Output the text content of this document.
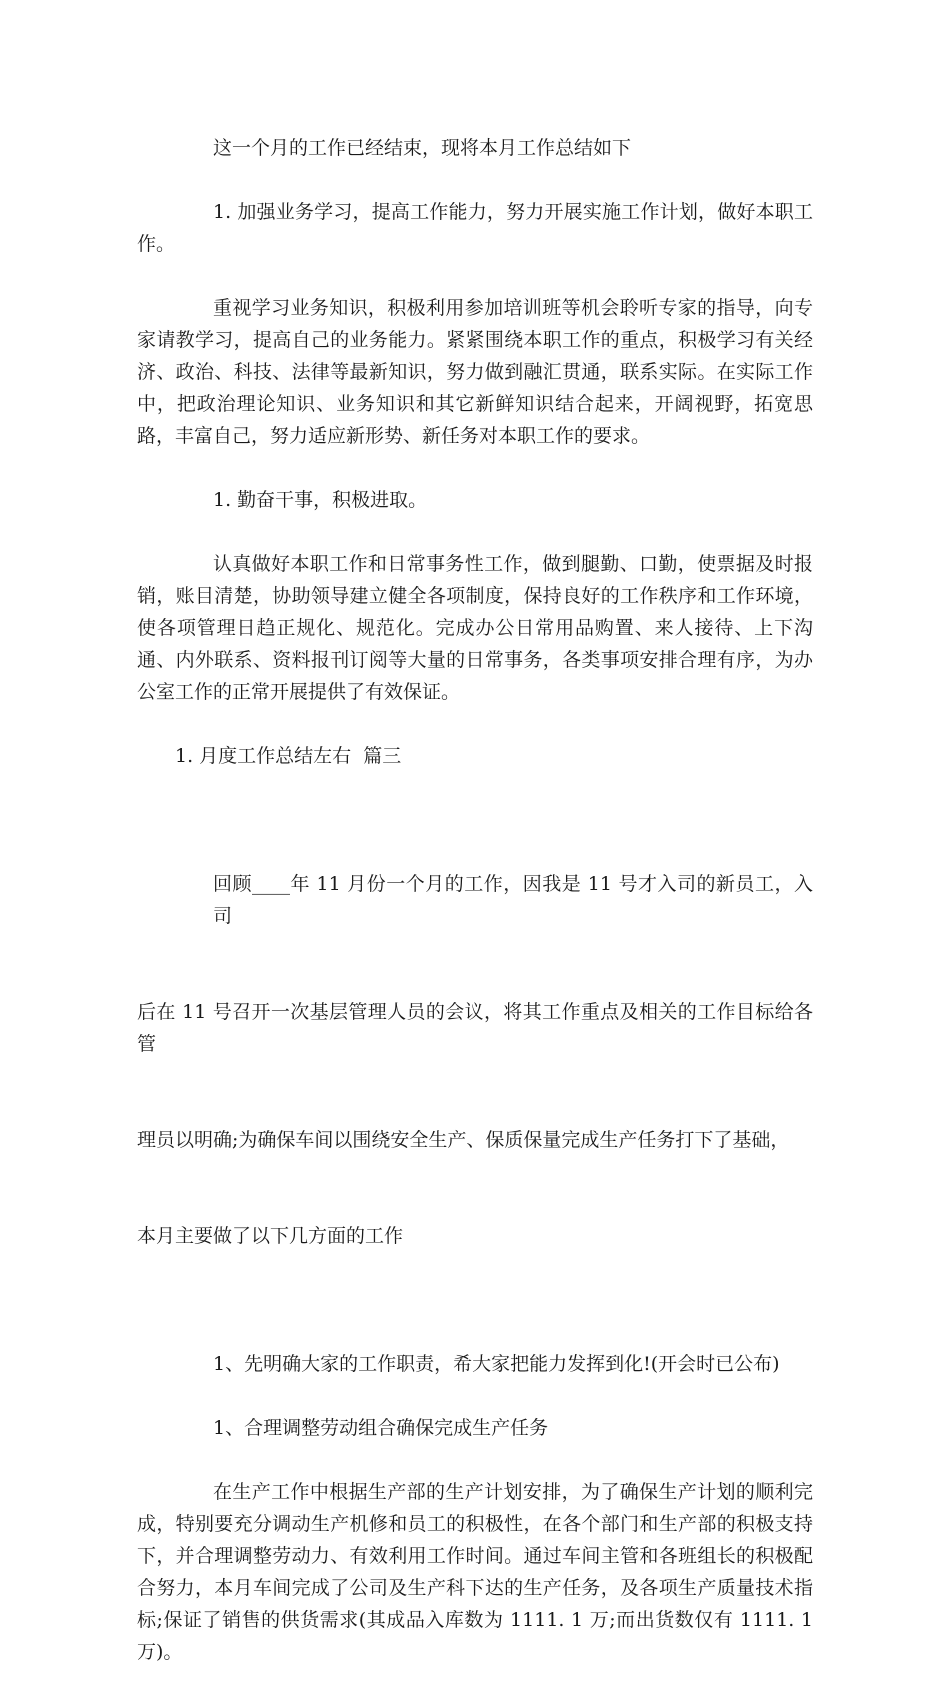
这一个月的工作已经结束，现将本月工作总结如下

1. 加强业务学习，提高工作能力，努力开展实施工作计划，做好本职工作。

重视学习业务知识，积极利用参加培训班等机会聆听专家的指导，向专家请教学习，提高自己的业务能力。紧紧围绕本职工作的重点，积极学习有关经济、政治、科技、法律等最新知识，努力做到融汇贯通，联系实际。在实际工作中，把政治理论知识、业务知识和其它新鲜知识结合起来，开阔视野，拓宽思路，丰富自己，努力适应新形势、新任务对本职工作的要求。

1. 勤奋干事，积极进取。

认真做好本职工作和日常事务性工作，做到腿勤、口勤，使票据及时报销，账目清楚，协助领导建立健全各项制度，保持良好的工作秩序和工作环境，使各项管理日趋正规化、规范化。完成办公日常用品购置、来人接待、上下沟通、内外联系、资料报刊订阅等大量的日常事务，各类事项安排合理有序，为办公室工作的正常开展提供了有效保证。

1. 月度工作总结左右  篇三

回顾____年 11 月份一个月的工作，因我是 11 号才入司的新员工，入司

后在 11 号召开一次基层管理人员的会议，将其工作重点及相关的工作目标给各管

理员以明确;为确保车间以围绕安全生产、保质保量完成生产任务打下了基础，

本月主要做了以下几方面的工作

1、先明确大家的工作职责，希大家把能力发挥到化!(开会时已公布)

1、合理调整劳动组合确保完成生产任务

在生产工作中根据生产部的生产计划安排，为了确保生产计划的顺利完成，特别要充分调动生产机修和员工的积极性，在各个部门和生产部的积极支持下，并合理调整劳动力、有效利用工作时间。通过车间主管和各班组长的积极配合努力，本月车间完成了公司及生产科下达的生产任务，及各项生产质量技术指标;保证了销售的供货需求(其成品入库数为 1111. 1 万;而出货数仅有 1111. 1 万)。
